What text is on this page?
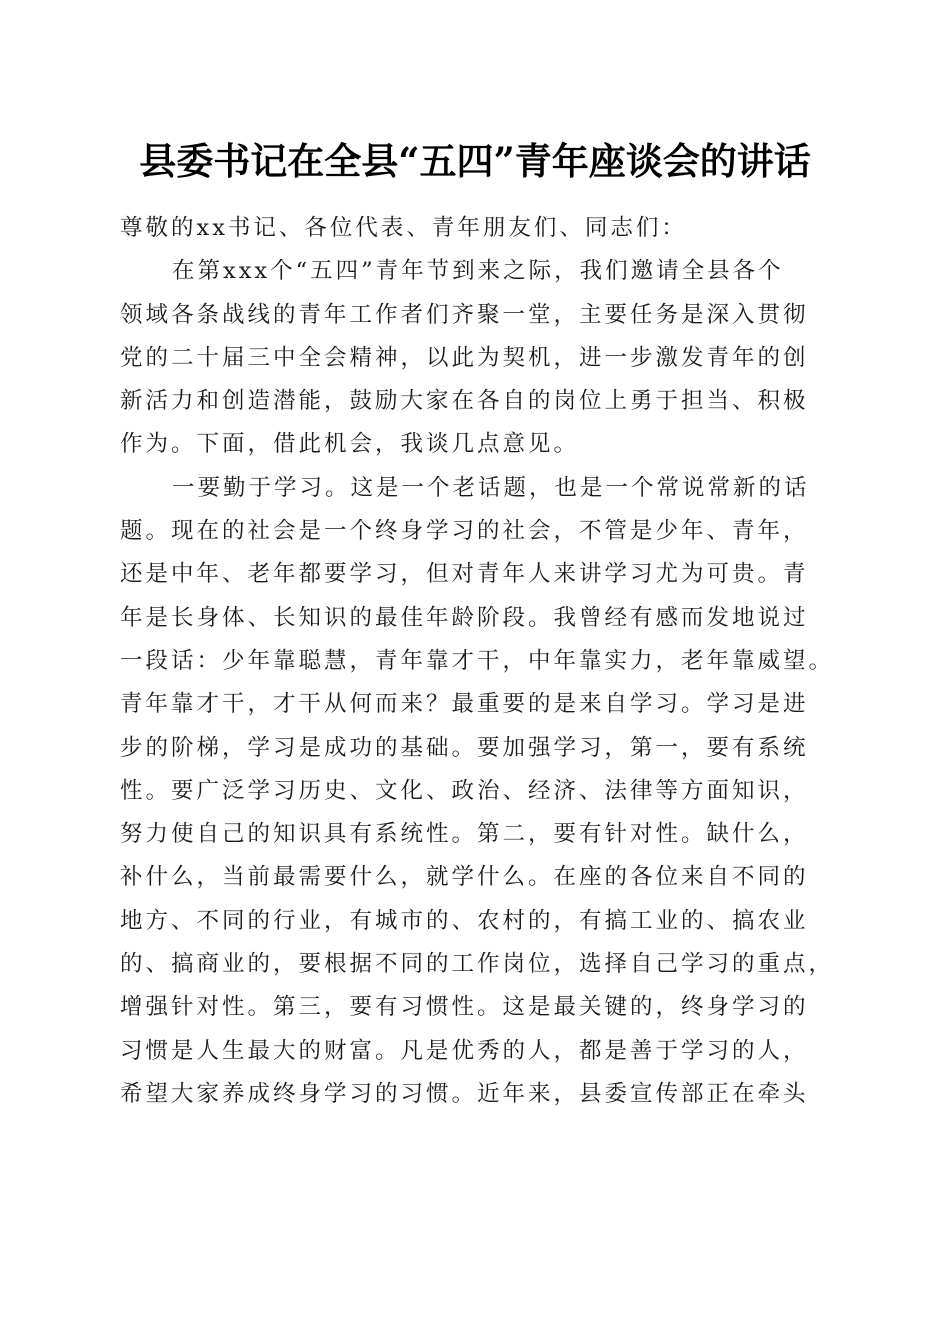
县委书记在全县“五四”青年座谈会的讲话
尊敬的xx书记、各位代表、青年朋友们、同志们：
在第xxx个“五四”青年节到来之际，我们邀请全县各个
领域各条战线的青年工作者们齐聚一堂，主要任务是深入贯彻
党的二十届三中全会精神，以此为契机，进一步激发青年的创
新活力和创造潜能，鼓励大家在各自的岗位上勇于担当、积极
作为。下面，借此机会，我谈几点意见。
一要勤于学习。这是一个老话题，也是一个常说常新的话
题。现在的社会是一个终身学习的社会，不管是少年、青年，
还是中年、老年都要学习，但对青年人来讲学习尤为可贵。青
年是长身体、长知识的最佳年龄阶段。我曾经有感而发地说过
一段话：少年靠聪慧，青年靠才干，中年靠实力，老年靠威望。
青年靠才干，才干从何而来？最重要的是来自学习。学习是进
步的阶梯，学习是成功的基础。要加强学习，第一，要有系统
性。要广泛学习历史、文化、政治、经济、法律等方面知识，
努力使自己的知识具有系统性。第二，要有针对性。缺什么，
补什么，当前最需要什么，就学什么。在座的各位来自不同的
地方、不同的行业，有城市的、农村的，有搞工业的、搞农业
的、搞商业的，要根据不同的工作岗位，选择自己学习的重点，
增强针对性。第三，要有习惯性。这是最关键的，终身学习的
习惯是人生最大的财富。凡是优秀的人，都是善于学习的人，
希望大家养成终身学习的习惯。近年来，县委宣传部正在牵头
